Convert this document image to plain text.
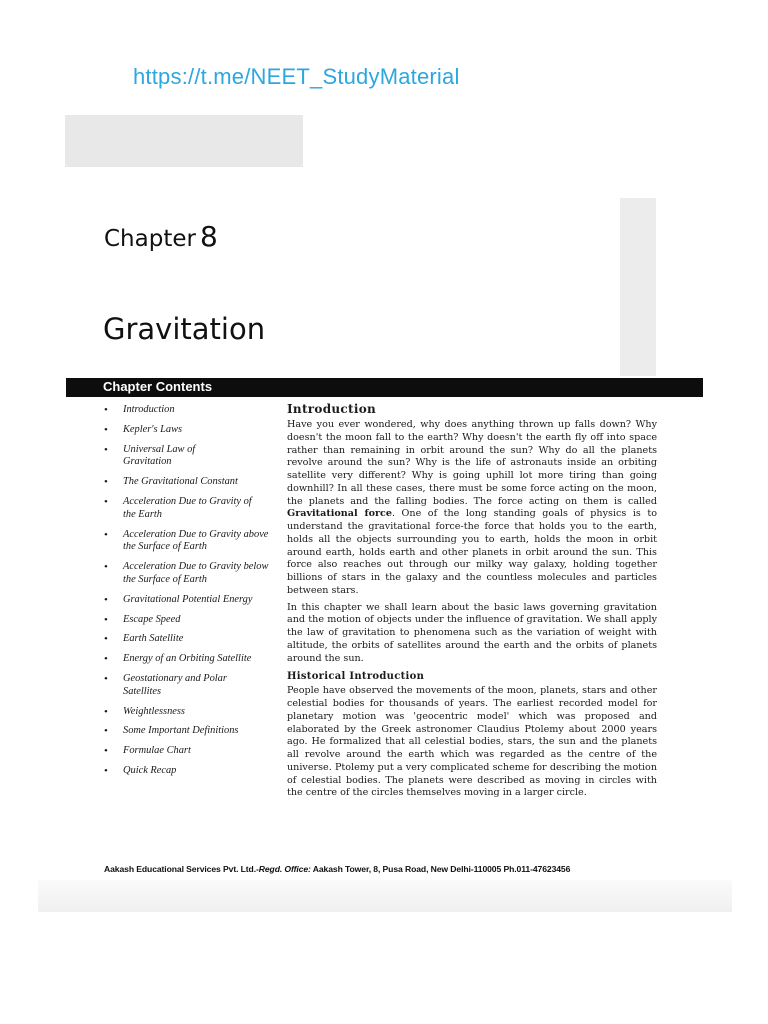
https://t.me/NEET_StudyMaterial
Chapter 8
Gravitation
Chapter Contents
• Introduction
• Kepler's Laws
• Universal Law of Gravitation
• The Gravitational Constant
• Acceleration Due to Gravity of the Earth
• Acceleration Due to Gravity above the Surface of Earth
• Acceleration Due to Gravity below the Surface of Earth
• Gravitational Potential Energy
• Escape Speed
• Earth Satellite
• Energy of an Orbiting Satellite
• Geostationary and Polar Satellites
• Weightlessness
• Some Important Definitions
• Formulae Chart
• Quick Recap
Introduction

Have you ever wondered, why does anything thrown up falls down? Why doesn't the moon fall to the earth? Why doesn't the earth fly off into space rather than remaining in orbit around the sun? Why do all the planets revolve around the sun? Why is the life of astronauts inside an orbiting satellite very different? Why is going uphill lot more tiring than going downhill? In all these cases, there must be some force acting on the moon, the planets and the falling bodies. The force acting on them is called Gravitational force. One of the long standing goals of physics is to understand the gravitational force-the force that holds you to the earth, holds all the objects surrounding you to earth, holds the moon in orbit around earth, holds earth and other planets in orbit around the sun. This force also reaches out through our milky way galaxy, holding together billions of stars in the galaxy and the countless molecules and particles between stars.

In this chapter we shall learn about the basic laws governing gravitation and the motion of objects under the influence of gravitation. We shall apply the law of gravitation to phenomena such as the variation of weight with altitude, the orbits of satellites around the earth and the orbits of planets around the sun.

Historical Introduction

People have observed the movements of the moon, planets, stars and other celestial bodies for thousands of years. The earliest recorded model for planetary motion was 'geocentric model' which was proposed and elaborated by the Greek astronomer Claudius Ptolemy about 2000 years ago. He formalized that all celestial bodies, stars, the sun and the planets all revolve around the earth which was regarded as the centre of the universe. Ptolemy put a very complicated scheme for describing the motion of celestial bodies. The planets were described as moving in circles with the centre of the circles themselves moving in a larger circle.

Aakash Educational Services Pvt. Ltd.-Regd. Office: Aakash Tower, 8, Pusa Road, New Delhi-110005 Ph.011-47623456
